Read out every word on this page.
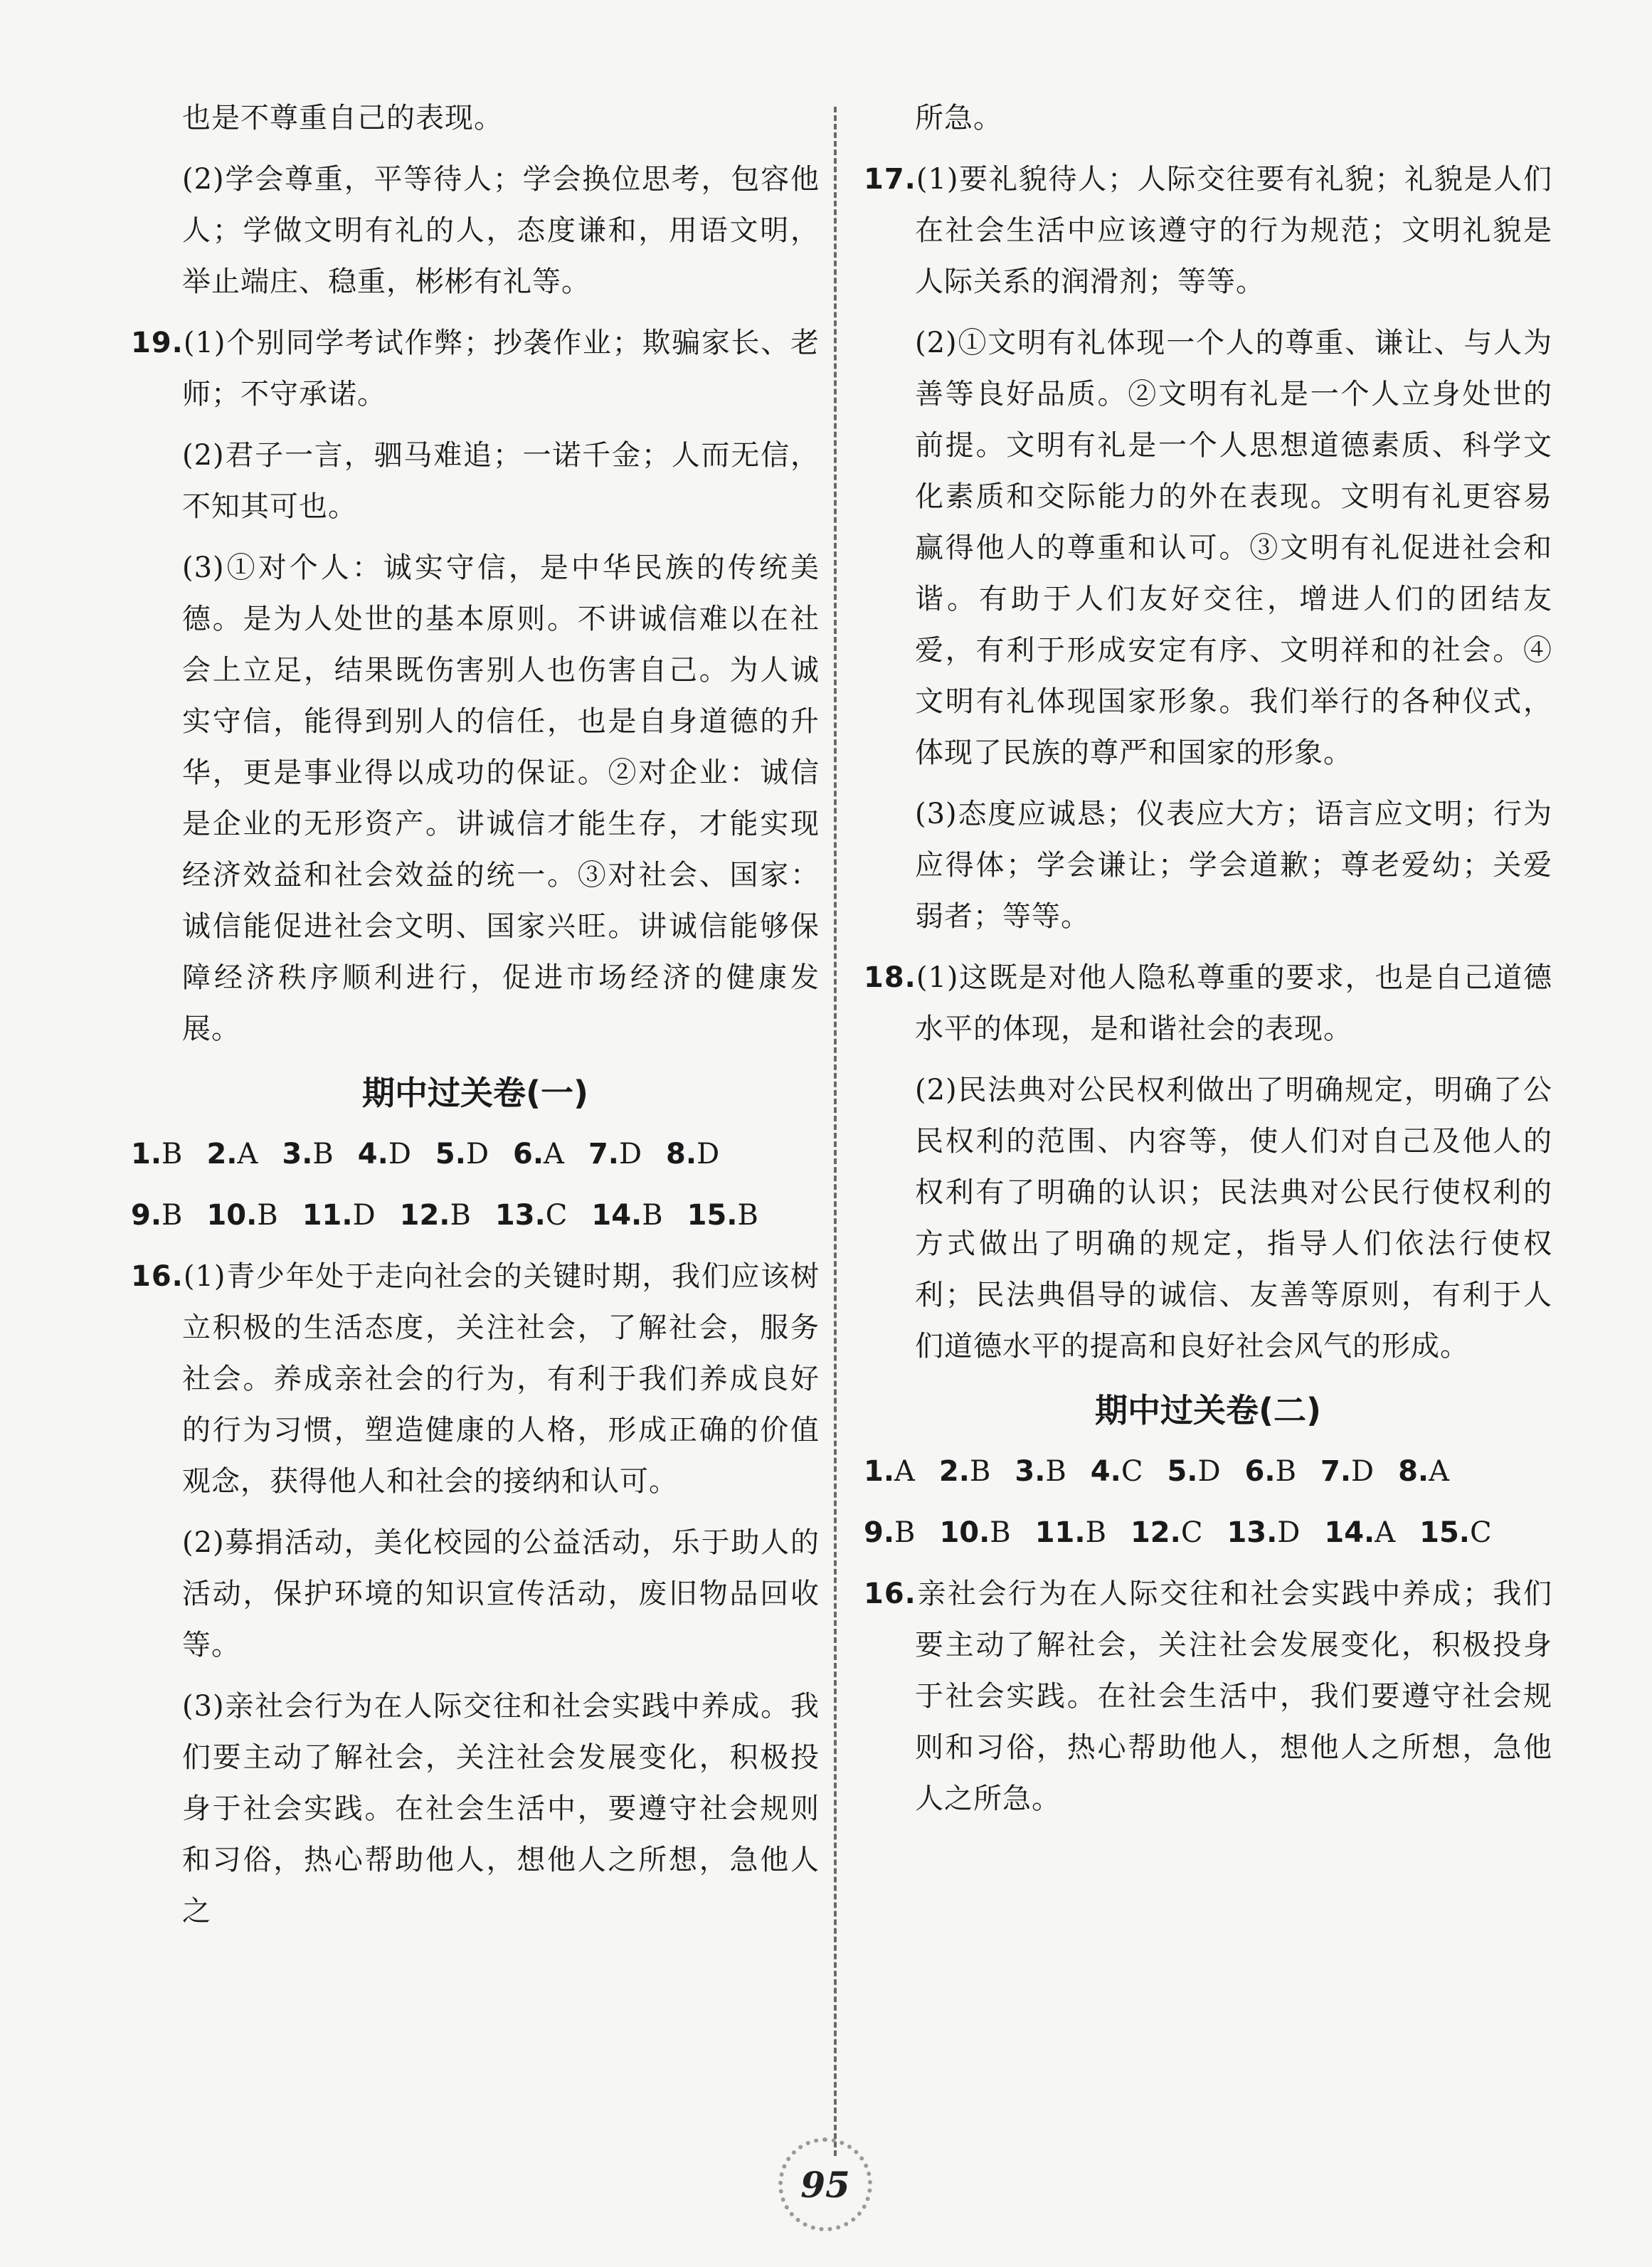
也是不尊重自己的表现。

(2)学会尊重，平等待人；学会换位思考，包容他人；学做文明有礼的人，态度谦和，用语文明，举止端庄、稳重，彬彬有礼等。

19.(1)个别同学考试作弊；抄袭作业；欺骗家长、老师；不守承诺。

(2)君子一言，驷马难追；一诺千金；人而无信，不知其可也。

(3)①对个人：诚实守信，是中华民族的传统美德。是为人处世的基本原则。不讲诚信难以在社会上立足，结果既伤害别人也伤害自己。为人诚实守信，能得到别人的信任，也是自身道德的升华，更是事业得以成功的保证。②对企业：诚信是企业的无形资产。讲诚信才能生存，才能实现经济效益和社会效益的统一。③对社会、国家：诚信能促进社会文明、国家兴旺。讲诚信能够保障经济秩序顺利进行，促进市场经济的健康发展。

期中过关卷(一)
1.B 2.A 3.B 4.D 5.D 6.A 7.D 8.D
9.B 10.B 11.D 12.B 13.C 14.B 15.B

16.(1)青少年处于走向社会的关键时期，我们应该树立积极的生活态度，关注社会，了解社会，服务社会。养成亲社会的行为，有利于我们养成良好的行为习惯，塑造健康的人格，形成正确的价值观念，获得他人和社会的接纳和认可。

(2)募捐活动，美化校园的公益活动，乐于助人的活动，保护环境的知识宣传活动，废旧物品回收等。

(3)亲社会行为在人际交往和社会实践中养成。我们要主动了解社会，关注社会发展变化，积极投身于社会实践。在社会生活中，要遵守社会规则和习俗，热心帮助他人，想他人之所想，急他人之

所急。

17.(1)要礼貌待人；人际交往要有礼貌；礼貌是人们在社会生活中应该遵守的行为规范；文明礼貌是人际关系的润滑剂；等等。

(2)①文明有礼体现一个人的尊重、谦让、与人为善等良好品质。②文明有礼是一个人立身处世的前提。文明有礼是一个人思想道德素质、科学文化素质和交际能力的外在表现。文明有礼更容易赢得他人的尊重和认可。③文明有礼促进社会和谐。有助于人们友好交往，增进人们的团结友爱，有利于形成安定有序、文明祥和的社会。④文明有礼体现国家形象。我们举行的各种仪式，体现了民族的尊严和国家的形象。

(3)态度应诚恳；仪表应大方；语言应文明；行为应得体；学会谦让；学会道歉；尊老爱幼；关爱弱者；等等。

18.(1)这既是对他人隐私尊重的要求，也是自己道德水平的体现，是和谐社会的表现。

(2)民法典对公民权利做出了明确规定，明确了公民权利的范围、内容等，使人们对自己及他人的权利有了明确的认识；民法典对公民行使权利的方式做出了明确的规定，指导人们依法行使权利；民法典倡导的诚信、友善等原则，有利于人们道德水平的提高和良好社会风气的形成。

期中过关卷(二)
1.A 2.B 3.B 4.C 5.D 6.B 7.D 8.A
9.B 10.B 11.B 12.C 13.D 14.A 15.C

16.亲社会行为在人际交往和社会实践中养成；我们要主动了解社会，关注社会发展变化，积极投身于社会实践。在社会生活中，我们要遵守社会规则和习俗，热心帮助他人，想他人之所想，急他人之所急。

95
